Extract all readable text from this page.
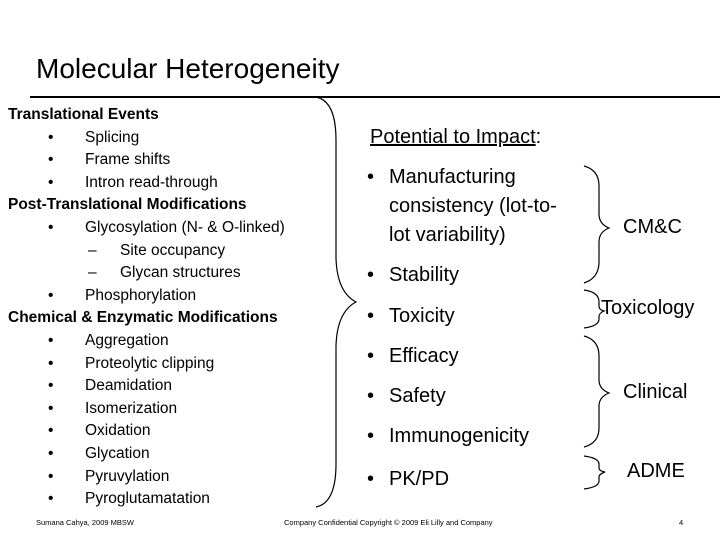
Molecular Heterogeneity
Translational Events
• Splicing
• Frame shifts
• Intron read-through
Post-Translational Modifications
• Glycosylation (N- & O-linked)
– Site occupancy
– Glycan structures
• Phosphorylation
Chemical & Enzymatic Modifications
• Aggregation
• Proteolytic clipping
• Deamidation
• Isomerization
• Oxidation
• Glycation
• Pyruvylation
• Pyroglutamatation
Potential to Impact:
• Manufacturing
consistency (lot-to-
lot variability)
• Stability
• Toxicity
• Efficacy
• Safety
• Immunogenicity
• PK/PD
CM&C
Toxicology
Clinical
ADME
Sumana Cahya, 2009 MBSW	Company Confidential Copyright © 2009 Eli Lilly and Company	4
